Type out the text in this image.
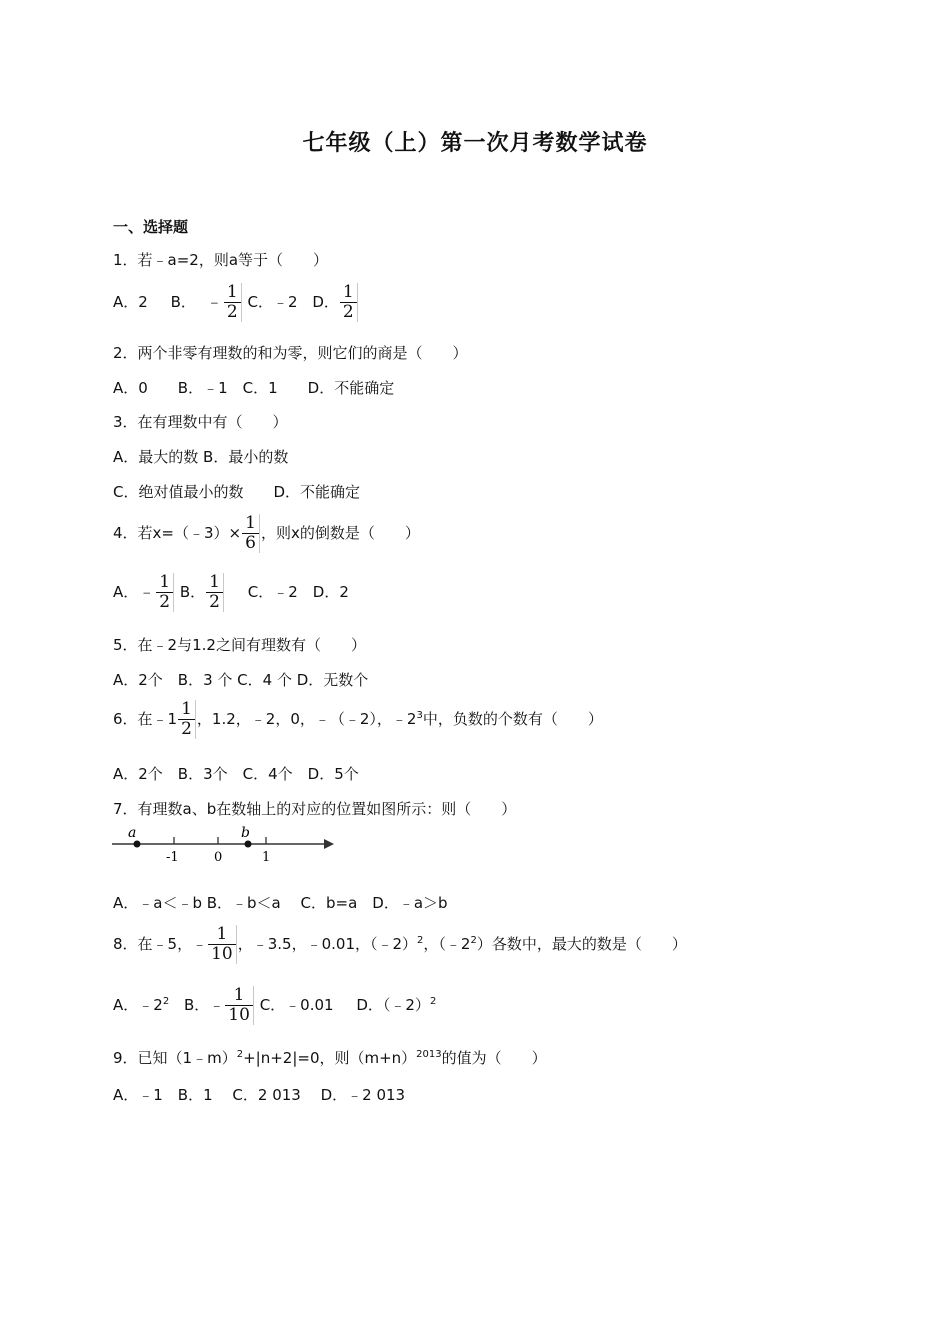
七年级（上）第一次月考数学试卷
一、选择题
1．若﹣a=2，则a等于（　　）
A．2 B． ﹣ $\frac{1}{2}$ C．﹣2 D． $\frac{1}{2}$
2．两个非零有理数的和为零，则它们的商是（　　）
A．0　　B．﹣1　C．1　　D．不能确定
3．在有理数中有（　　）
A．最大的数 B．最小的数
C．绝对值最小的数　　D．不能确定
4．若x=（﹣3）× $\frac{1}{6}$ ，则x的倒数是（　　）
A．﹣ $\frac{1}{2}$ B． $\frac{1}{2}$ C．﹣2　D．2
5．在﹣2与1.2之间有理数有（　　）
A．2个　B．3 个 C．4 个 D．无数个
6．在﹣1 $\frac{1}{2}$ ，1.2，﹣2，0，﹣（﹣2），$﹣2^3$中，负数的个数有（　　）
A．2个　B．3个　C．4个　D．5个
7．有理数a、b在数轴上的对应的位置如图所示：则（　　）
a	b
-1	0	1
A．﹣a＜﹣b B．﹣b＜a　 C．b=a　D．﹣a＞b
8．在﹣5，﹣ $\frac{1}{10}$ ，﹣3.5，﹣0.01，（﹣2）$^2$，$(﹣2^2)$各数中，最大的数是（　　）
A．$﹣2^2$ B．﹣ $\frac{1}{10}$ C．﹣0.01 D．（﹣2）$^2$
9．已知（1﹣m）$^2$+|n+2|=0，则$(m+n)^{2013}$的值为（　　）
A．﹣1　B．1　 C．2 013　 D．﹣2 013
